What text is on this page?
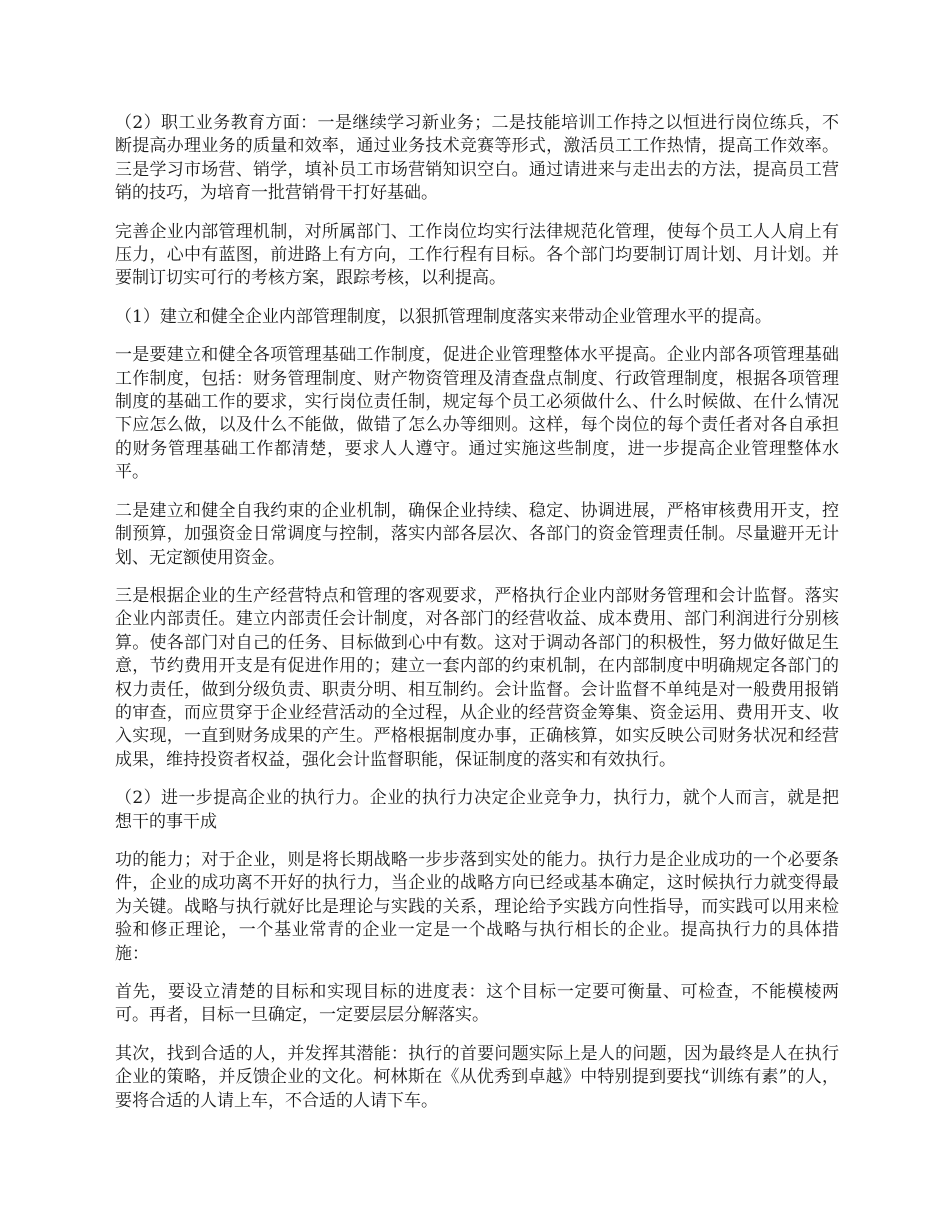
（2）职工业务教育方面：一是继续学习新业务；二是技能培训工作持之以恒进行岗位练兵，不断提高办理业务的质量和效率，通过业务技术竞赛等形式，激活员工工作热情，提高工作效率。三是学习市场营、销学，填补员工市场营销知识空白。通过请进来与走出去的方法，提高员工营销的技巧，为培育一批营销骨干打好基础。

完善企业内部管理机制，对所属部门、工作岗位均实行法律规范化管理，使每个员工人人肩上有压力，心中有蓝图，前进路上有方向，工作行程有目标。各个部门均要制订周计划、月计划。并要制订切实可行的考核方案，跟踪考核，以利提高。

（1）建立和健全企业内部管理制度，以狠抓管理制度落实来带动企业管理水平的提高。

一是要建立和健全各项管理基础工作制度，促进企业管理整体水平提高。企业内部各项管理基础工作制度，包括：财务管理制度、财产物资管理及清查盘点制度、行政管理制度，根据各项管理制度的基础工作的要求，实行岗位责任制，规定每个员工必须做什么、什么时候做、在什么情况下应怎么做，以及什么不能做，做错了怎么办等细则。这样，每个岗位的每个责任者对各自承担的财务管理基础工作都清楚，要求人人遵守。通过实施这些制度，进一步提高企业管理整体水平。

二是建立和健全自我约束的企业机制，确保企业持续、稳定、协调进展，严格审核费用开支，控制预算，加强资金日常调度与控制，落实内部各层次、各部门的资金管理责任制。尽量避开无计划、无定额使用资金。

三是根据企业的生产经营特点和管理的客观要求，严格执行企业内部财务管理和会计监督。落实企业内部责任。建立内部责任会计制度，对各部门的经营收益、成本费用、部门利润进行分别核算。使各部门对自己的任务、目标做到心中有数。这对于调动各部门的积极性，努力做好做足生意，节约费用开支是有促进作用的；建立一套内部的约束机制，在内部制度中明确规定各部门的权力责任，做到分级负责、职责分明、相互制约。会计监督。会计监督不单纯是对一般费用报销的审查，而应贯穿于企业经营活动的全过程，从企业的经营资金筹集、资金运用、费用开支、收入实现，一直到财务成果的产生。严格根据制度办事，正确核算，如实反映公司财务状况和经营成果，维持投资者权益，强化会计监督职能，保证制度的落实和有效执行。

（2）进一步提高企业的执行力。企业的执行力决定企业竞争力，执行力，就个人而言，就是把想干的事干成

功的能力；对于企业，则是将长期战略一步步落到实处的能力。执行力是企业成功的一个必要条件，企业的成功离不开好的执行力，当企业的战略方向已经或基本确定，这时候执行力就变得最为关键。战略与执行就好比是理论与实践的关系，理论给予实践方向性指导，而实践可以用来检验和修正理论，一个基业常青的企业一定是一个战略与执行相长的企业。提高执行力的具体措施：

首先，要设立清楚的目标和实现目标的进度表：这个目标一定要可衡量、可检查，不能模棱两可。再者，目标一旦确定，一定要层层分解落实。

其次，找到合适的人，并发挥其潜能：执行的首要问题实际上是人的问题，因为最终是人在执行企业的策略，并反馈企业的文化。柯林斯在《从优秀到卓越》中特别提到要找“训练有素”的人，要将合适的人请上车，不合适的人请下车。
